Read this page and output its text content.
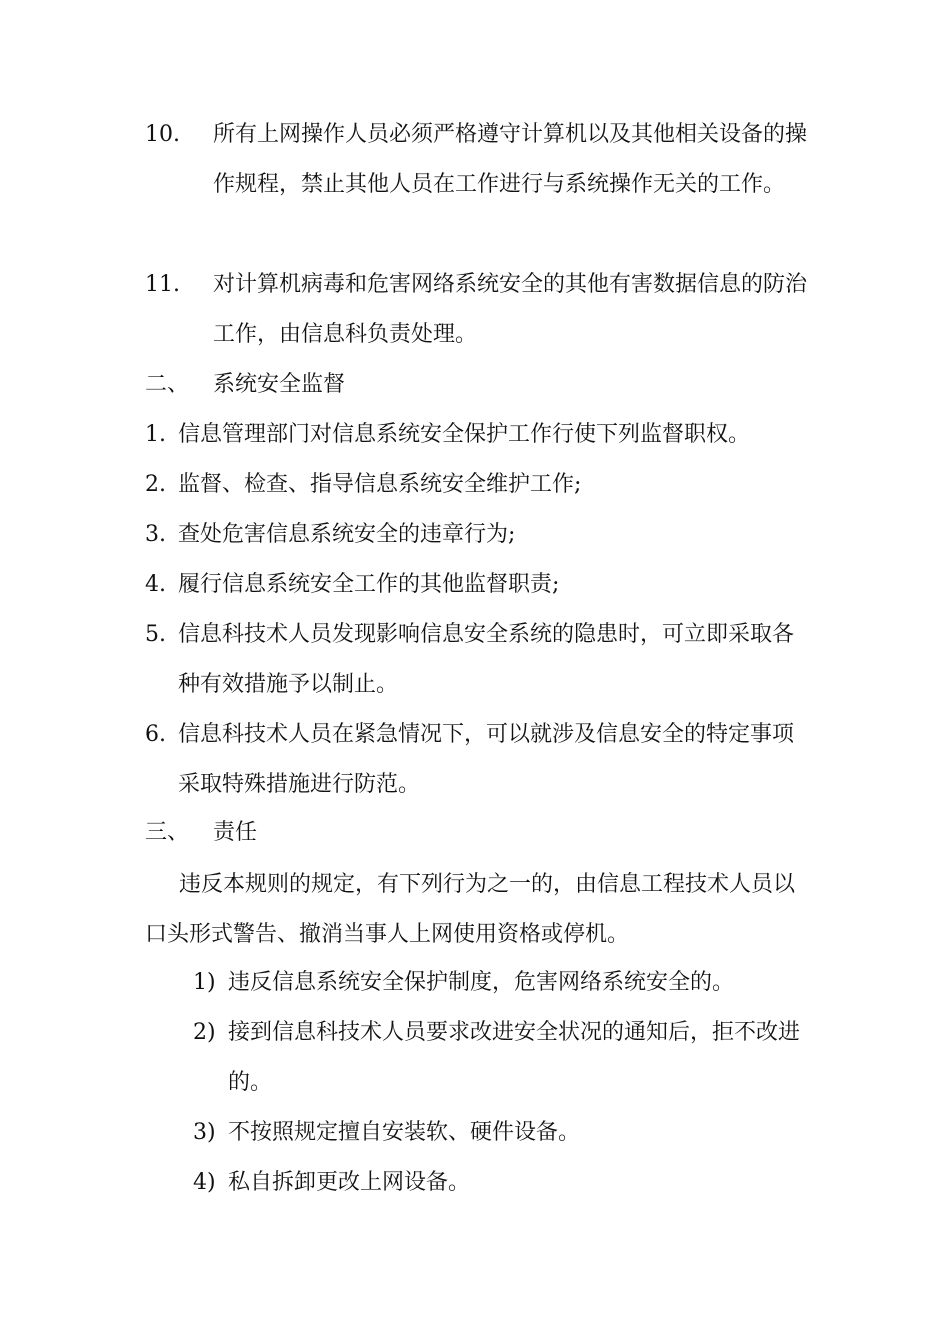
10.	所有上网操作人员必须严格遵守计算机以及其他相关设备的操作规程，禁止其他人员在工作进行与系统操作无关的工作。
11.	对计算机病毒和危害网络系统安全的其他有害数据信息的防治工作，由信息科负责处理。
二、	系统安全监督
1. 信息管理部门对信息系统安全保护工作行使下列监督职权。
2. 监督、检查、指导信息系统安全维护工作;
3. 查处危害信息系统安全的违章行为;
4. 履行信息系统安全工作的其他监督职责;
5. 信息科技术人员发现影响信息安全系统的隐患时，可立即采取各种有效措施予以制止。
6. 信息科技术人员在紧急情况下，可以就涉及信息安全的特定事项采取特殊措施进行防范。
三、	责任
违反本规则的规定，有下列行为之一的，由信息工程技术人员以口头形式警告、撤消当事人上网使用资格或停机。
1) 违反信息系统安全保护制度，危害网络系统安全的。
2) 接到信息科技术人员要求改进安全状况的通知后，拒不改进的。
3) 不按照规定擅自安装软、硬件设备。
4) 私自拆卸更改上网设备。
